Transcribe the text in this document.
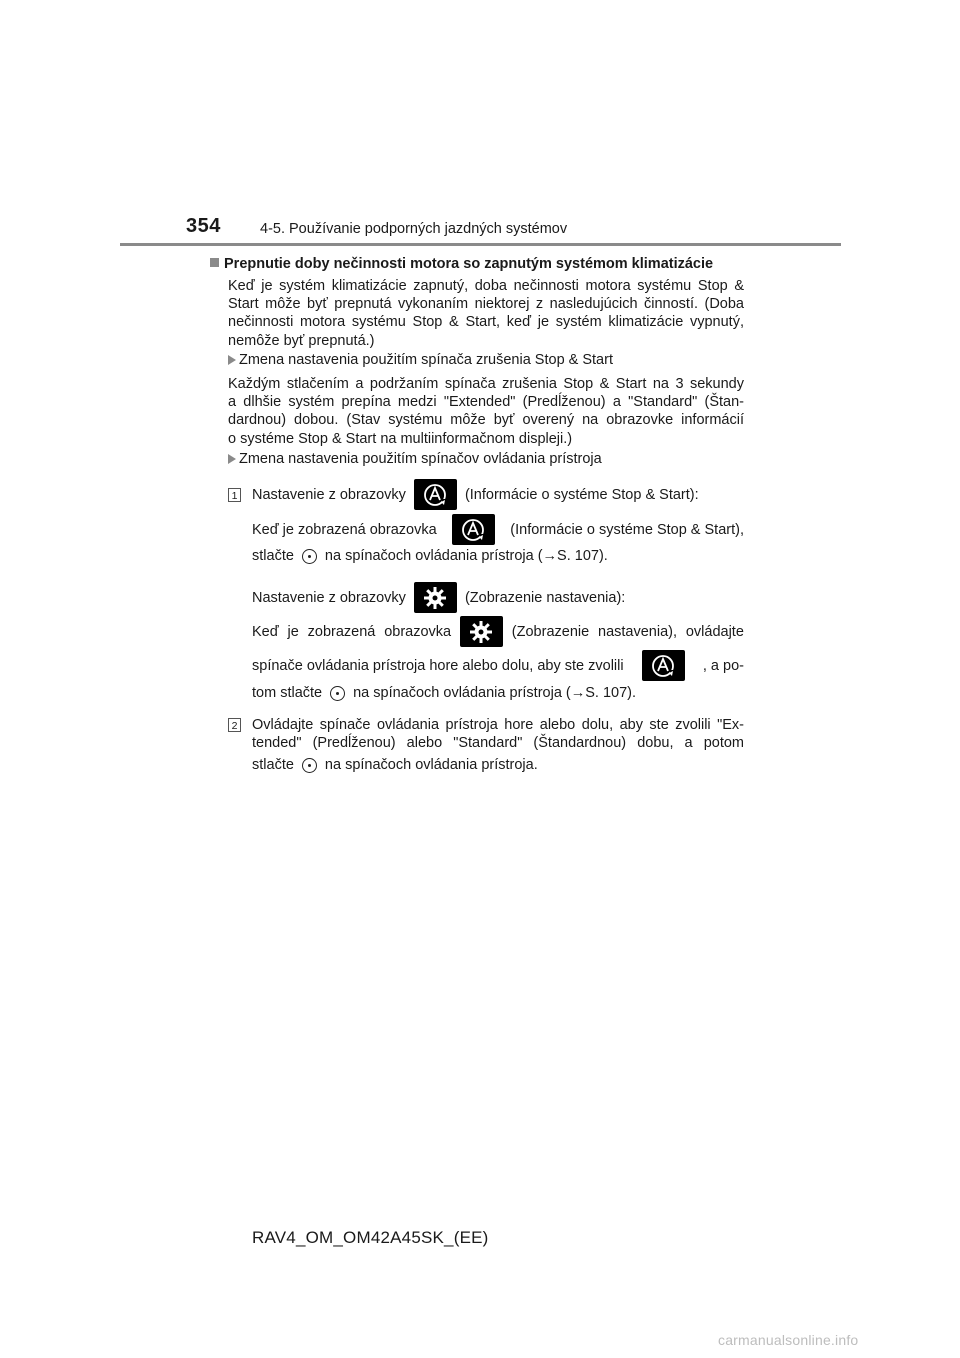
354	4-5. Používanie podporných jazdných systémov
Prepnutie doby nečinnosti motora so zapnutým systémom klimatizácie
Keď je systém klimatizácie zapnutý, doba nečinnosti motora systému Stop &
Start môže byť prepnutá vykonaním niektorej z nasledujúcich činností. (Doba
nečinnosti motora systému Stop & Start, keď je systém klimatizácie vypnutý,
nemôže byť prepnutá.)
Zmena nastavenia použitím spínača zrušenia Stop & Start
Každým stlačením a podržaním spínača zrušenia Stop & Start na 3 sekundy
a dlhšie systém prepína medzi "Extended" (Predĺženou) a "Standard" (Štan-
dardnou) dobou. (Stav systému môže byť overený na obrazovke informácií
o systéme Stop & Start na multiinformačnom displeji.)
Zmena nastavenia použitím spínačov ovládania prístroja
1 Nastavenie z obrazovky	(Informácie o systéme Stop & Start):
Keď je zobrazená obrazovka	(Informácie o systéme Stop & Start),
stlačte na spínačoch ovládania prístroja (→S. 107).
Nastavenie z obrazovky	(Zobrazenie nastavenia):
Keď je zobrazená obrazovka	(Zobrazenie nastavenia), ovládajte
spínače ovládania prístroja hore alebo dolu, aby ste zvolili	, a po-
tom stlačte na spínačoch ovládania prístroja (→S. 107).
2 Ovládajte spínače ovládania prístroja hore alebo dolu, aby ste zvolili "Ex-
tended" (Predĺženou) alebo "Standard" (Štandardnou) dobu, a potom
stlačte na spínačoch ovládania prístroja.
RAV4_OM_OM42A45SK_(EE)
carmanualsonline.info
